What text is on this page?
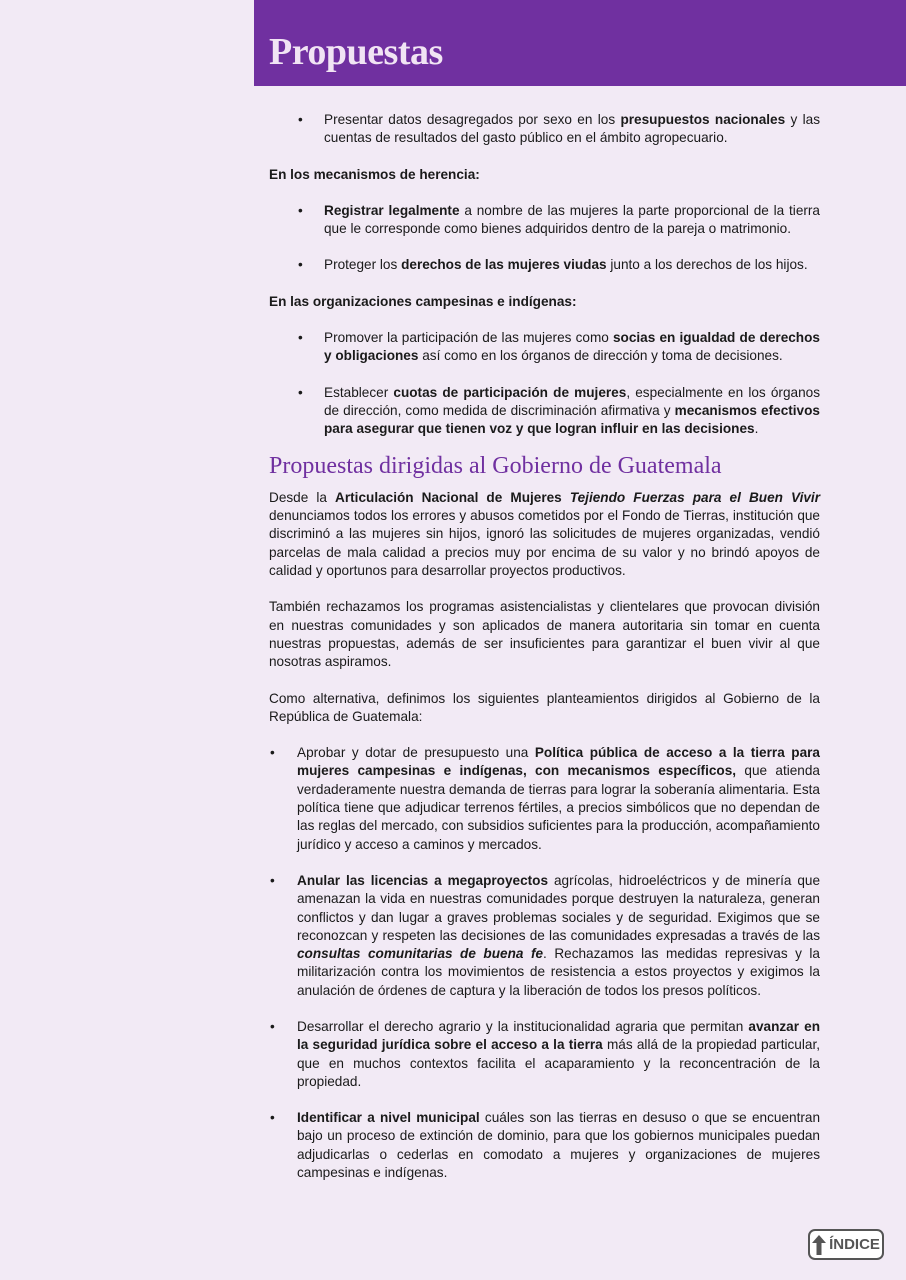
Propuestas
• Presentar datos desagregados por sexo en los presupuestos nacionales y las cuentas de resultados del gasto público en el ámbito agropecuario.

En los mecanismos de herencia:

• Registrar legalmente a nombre de las mujeres la parte proporcional de la tierra que le corresponde como bienes adquiridos dentro de la pareja o matrimonio.
• Proteger los derechos de las mujeres viudas junto a los derechos de los hijos.

En las organizaciones campesinas e indígenas:

• Promover la participación de las mujeres como socias en igualdad de derechos y obligaciones así como en los órganos de dirección y toma de decisiones.
• Establecer cuotas de participación de mujeres, especialmente en los órganos de dirección, como medida de discriminación afirmativa y mecanismos efectivos para asegurar que tienen voz y que logran influir en las decisiones.
Propuestas dirigidas al Gobierno de Guatemala

Desde la Articulación Nacional de Mujeres Tejiendo Fuerzas para el Buen Vivir denunciamos todos los errores y abusos cometidos por el Fondo de Tierras, institución que discriminó a las mujeres sin hijos, ignoró las solicitudes de mujeres organizadas, vendió parcelas de mala calidad a precios muy por encima de su valor y no brindó apoyos de calidad y oportunos para desarrollar proyectos productivos.

También rechazamos los programas asistencialistas y clientelares que provocan división en nuestras comunidades y son aplicados de manera autoritaria sin tomar en cuenta nuestras propuestas, además de ser insuficientes para garantizar el buen vivir al que nosotras aspiramos.

Como alternativa, definimos los siguientes planteamientos dirigidos al Gobierno de la República de Guatemala:

• Aprobar y dotar de presupuesto una Política pública de acceso a la tierra para mujeres campesinas e indígenas, con mecanismos específicos, que atienda verdaderamente nuestra demanda de tierras para lograr la soberanía alimentaria. Esta política tiene que adjudicar terrenos fértiles, a precios simbólicos que no dependan de las reglas del mercado, con subsidios suficientes para la producción, acompañamiento jurídico y acceso a caminos y mercados.
• Anular las licencias a megaproyectos agrícolas, hidroeléctricos y de minería que amenazan la vida en nuestras comunidades porque destruyen la naturaleza, generan conflictos y dan lugar a graves problemas sociales y de seguridad. Exigimos que se reconozcan y respeten las decisiones de las comunidades expresadas a través de las consultas comunitarias de buena fe. Rechazamos las medidas represivas y la militarización contra los movimientos de resistencia a estos proyectos y exigimos la anulación de órdenes de captura y la liberación de todos los presos políticos.
• Desarrollar el derecho agrario y la institucionalidad agraria que permitan avanzar en la seguridad jurídica sobre el acceso a la tierra más allá de la propiedad particular, que en muchos contextos facilita el acaparamiento y la reconcentración de la propiedad.
• Identificar a nivel municipal cuáles son las tierras en desuso o que se encuentran bajo un proceso de extinción de dominio, para que los gobiernos municipales puedan adjudicarlas o cederlas en comodato a mujeres y organizaciones de mujeres campesinas e indígenas.
ÍNDICE
